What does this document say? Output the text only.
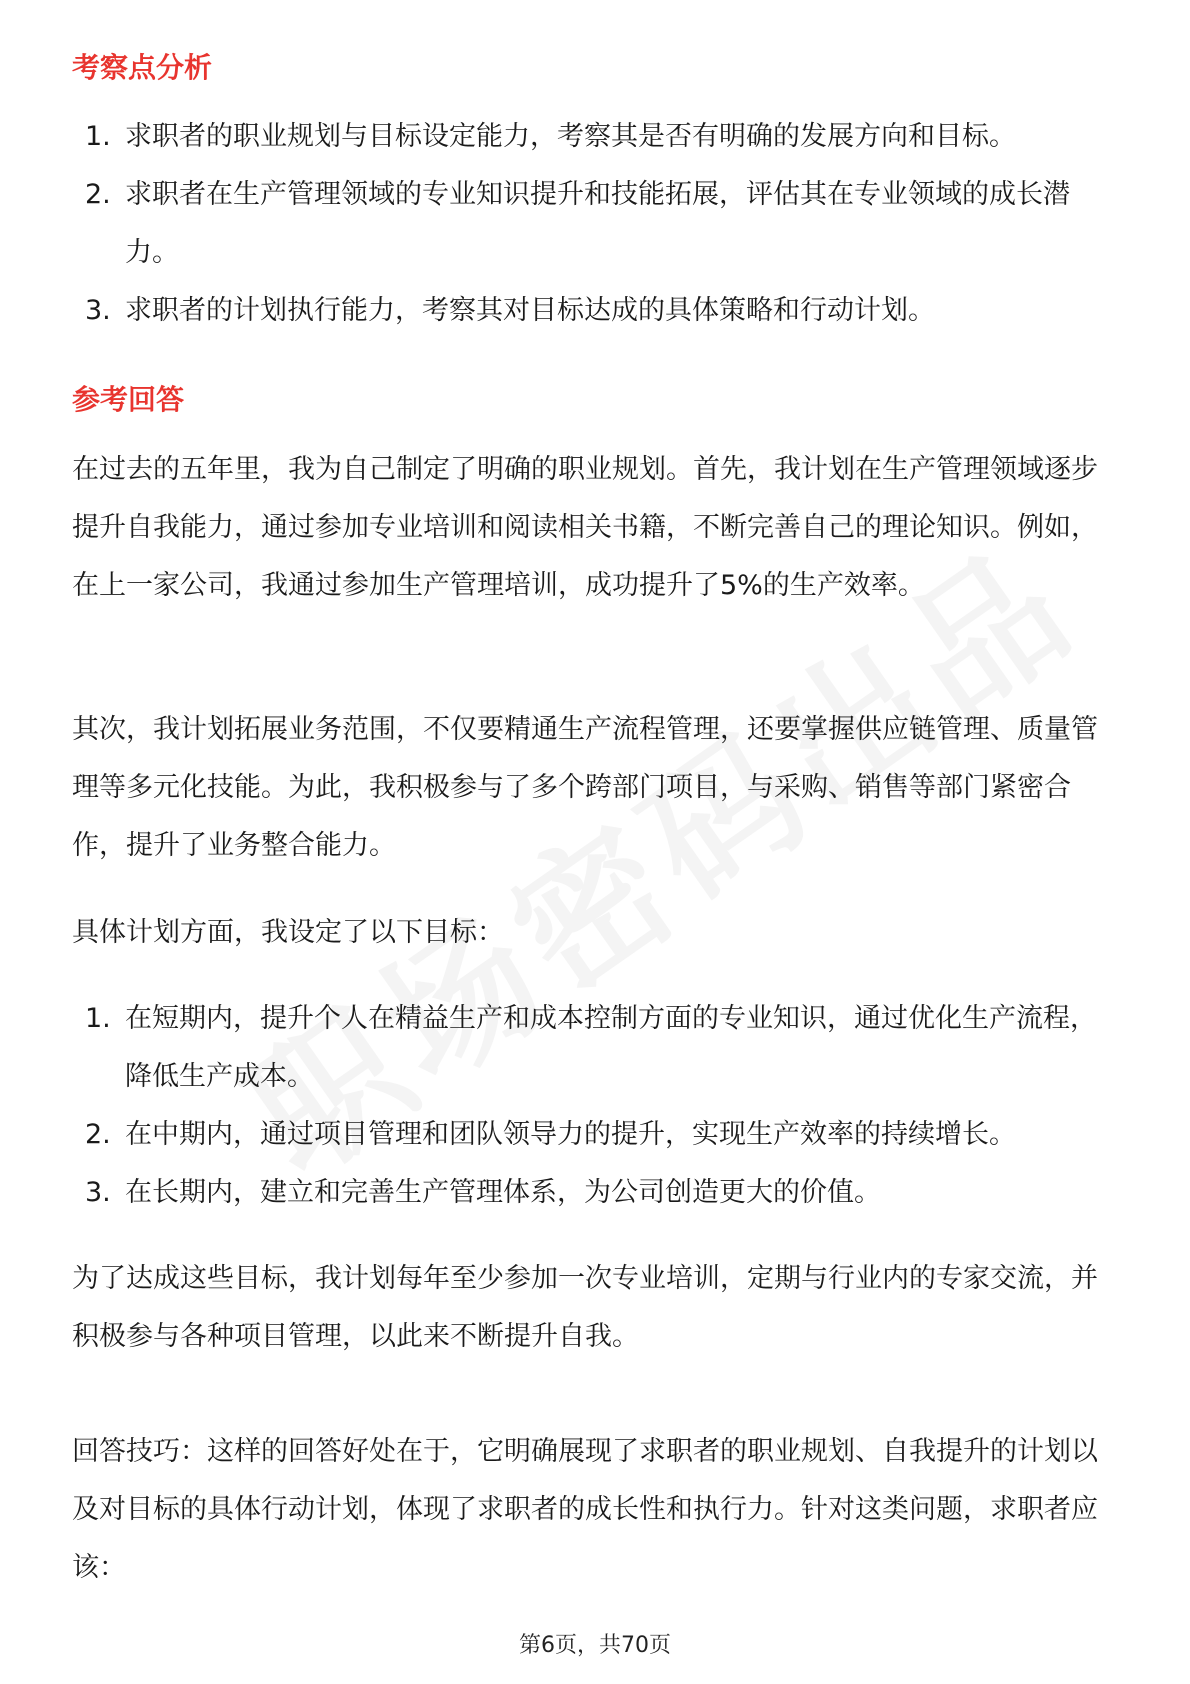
考察点分析
1. 求职者的职业规划与目标设定能力，考察其是否有明确的发展方向和目标。
2. 求职者在生产管理领域的专业知识提升和技能拓展，评估其在专业领域的成长潜力。
3. 求职者的计划执行能力，考察其对目标达成的具体策略和行动计划。
参考回答

在过去的五年里，我为自己制定了明确的职业规划。首先，我计划在生产管理领域逐步提升自我能力，通过参加专业培训和阅读相关书籍，不断完善自己的理论知识。例如，在上一家公司，我通过参加生产管理培训，成功提升了5%的生产效率。

其次，我计划拓展业务范围，不仅要精通生产流程管理，还要掌握供应链管理、质量管理等多元化技能。为此，我积极参与了多个跨部门项目，与采购、销售等部门紧密合作，提升了业务整合能力。

具体计划方面，我设定了以下目标：

1. 在短期内，提升个人在精益生产和成本控制方面的专业知识，通过优化生产流程，降低生产成本。
2. 在中期内，通过项目管理和团队领导力的提升，实现生产效率的持续增长。
3. 在长期内，建立和完善生产管理体系，为公司创造更大的价值。

为了达成这些目标，我计划每年至少参加一次专业培训，定期与行业内的专家交流，并积极参与各种项目管理，以此来不断提升自我。

回答技巧：这样的回答好处在于，它明确展现了求职者的职业规划、自我提升的计划以及对目标的具体行动计划，体现了求职者的成长性和执行力。针对这类问题，求职者应该：

第6页，共70页
